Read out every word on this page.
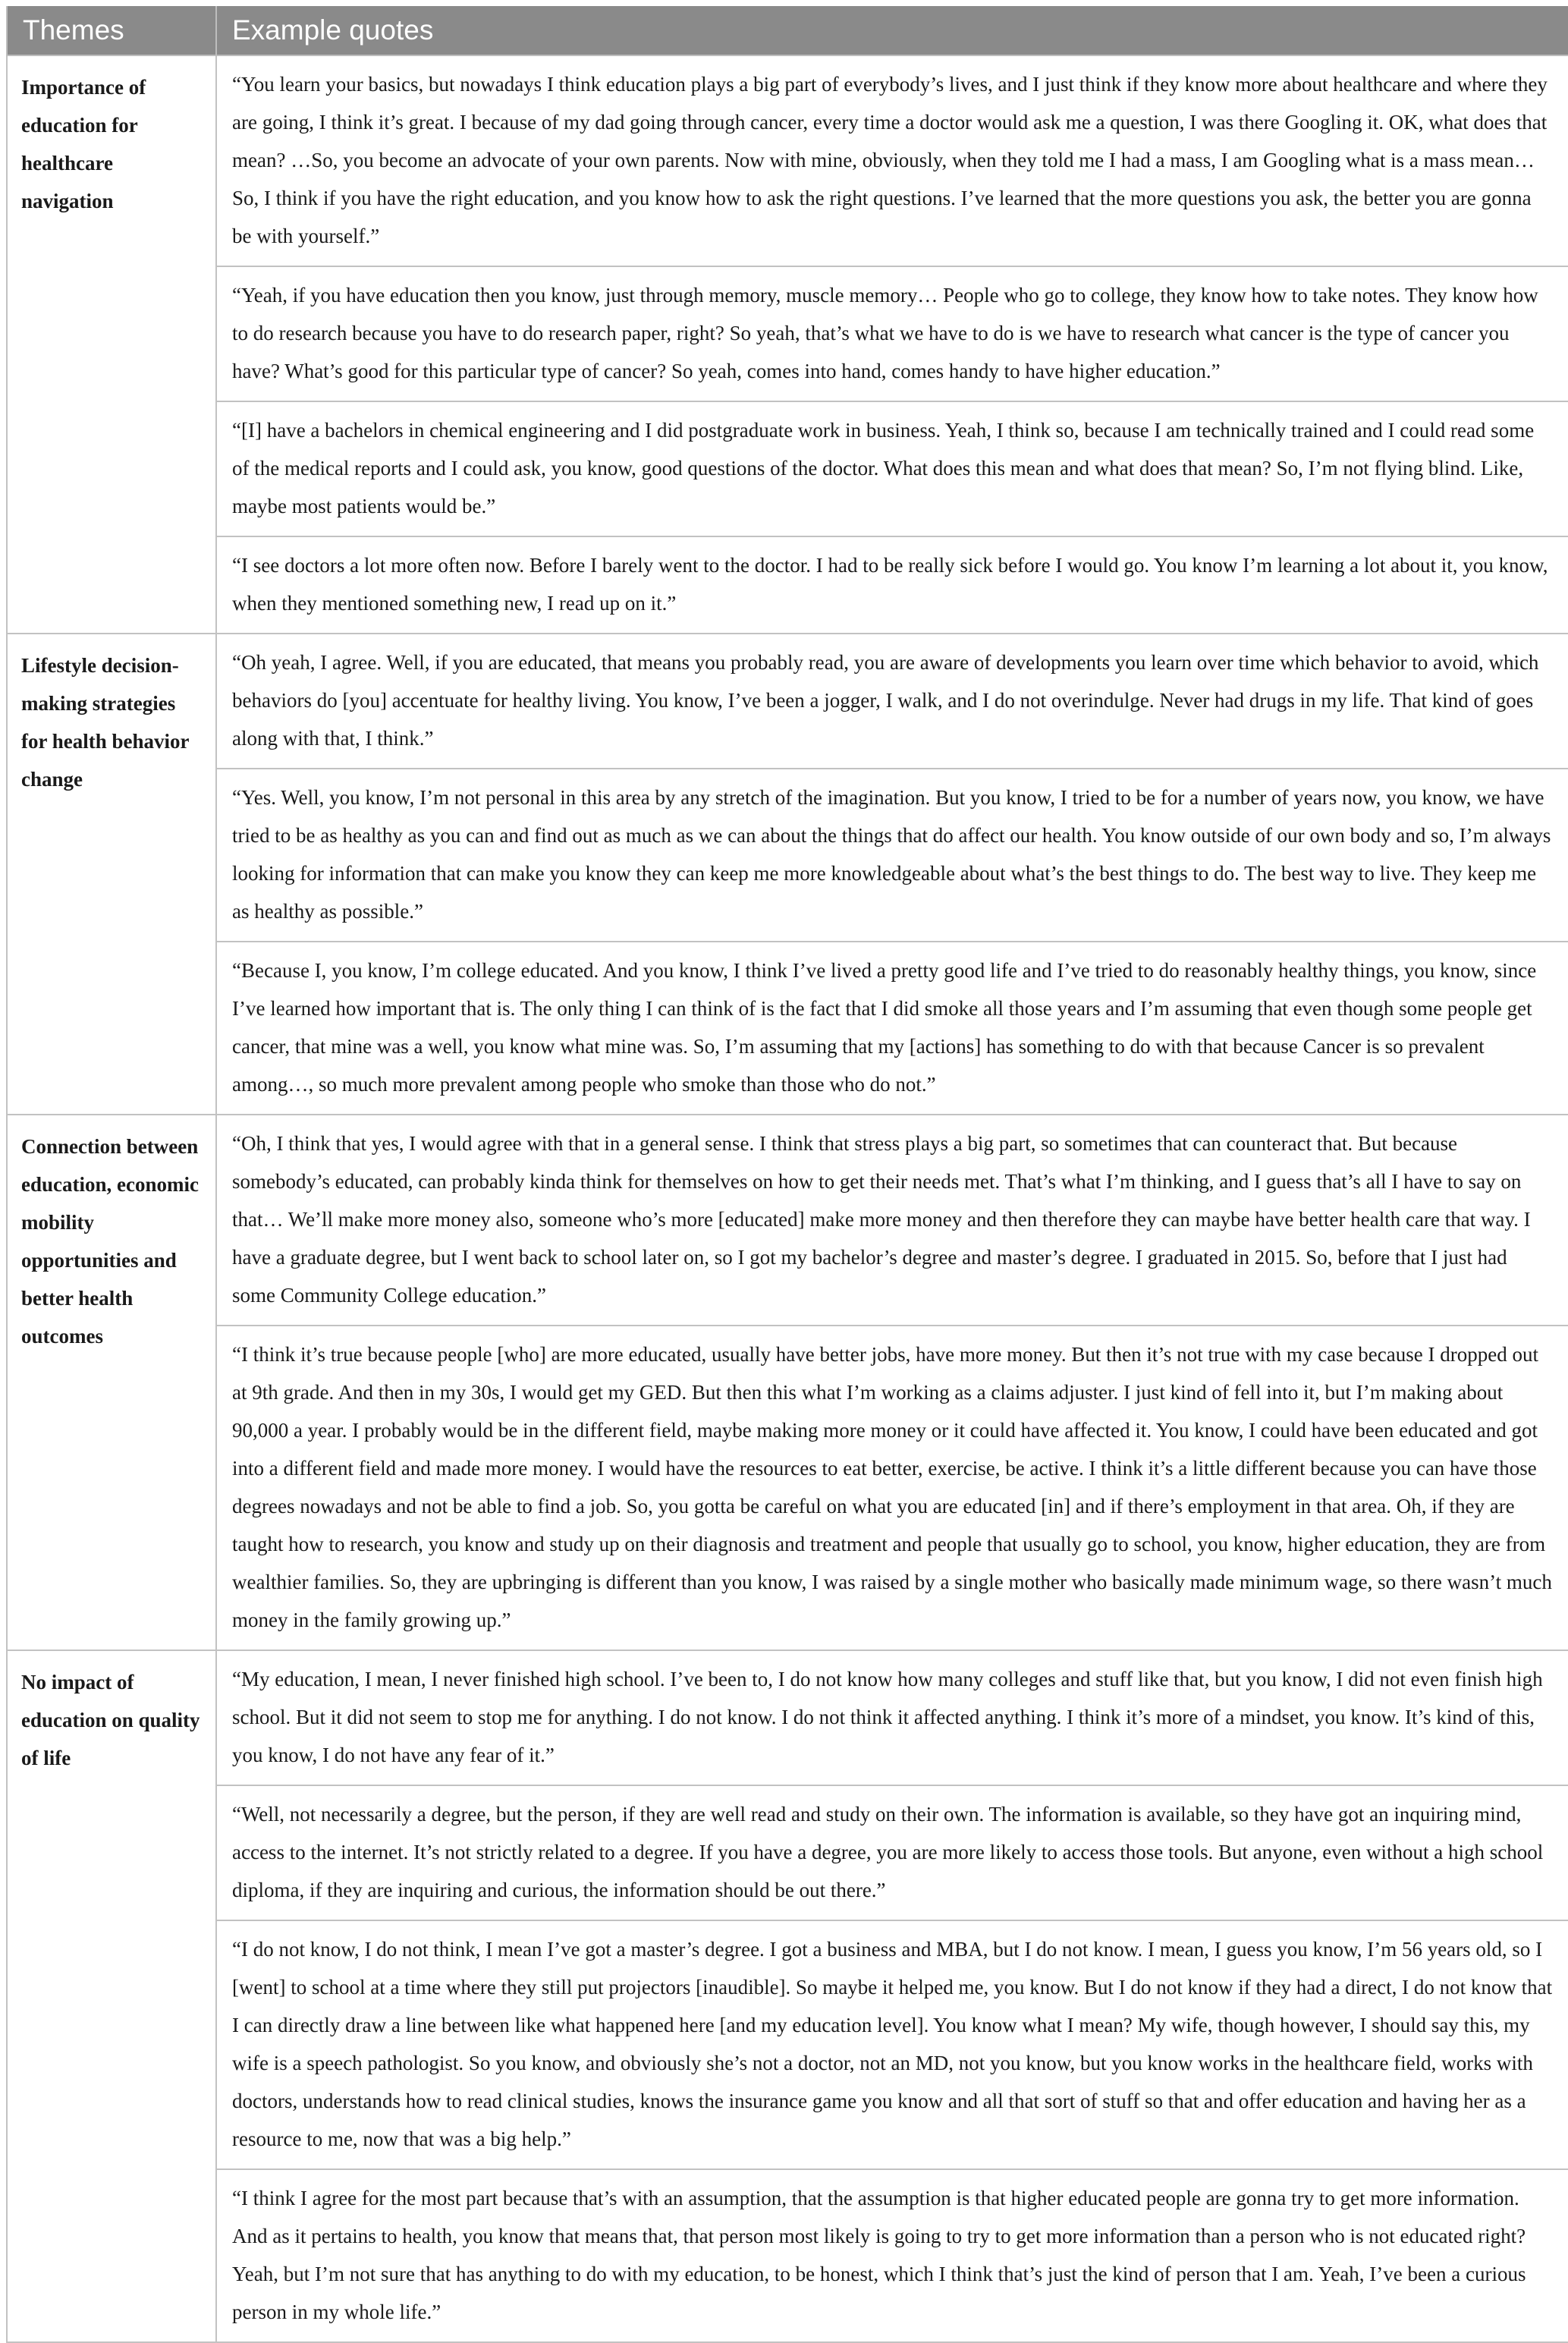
Themes	Example quotes
Importance of education for healthcare navigation	“You learn your basics, but nowadays I think education plays a big part of everybody’s lives, and I just think if they know more about healthcare and where they are going, I think it’s great. I because of my dad going through cancer, every time a doctor would ask me a question, I was there Googling it. OK, what does that mean? …So, you become an advocate of your own parents. Now with mine, obviously, when they told me I had a mass, I am Googling what is a mass mean…So, I think if you have the right education, and you know how to ask the right questions. I’ve learned that the more questions you ask, the better you are gonna be with yourself.”
	“Yeah, if you have education then you know, just through memory, muscle memory… People who go to college, they know how to take notes. They know how to do research because you have to do research paper, right? So yeah, that’s what we have to do is we have to research what cancer is the type of cancer you have? What’s good for this particular type of cancer? So yeah, comes into hand, comes handy to have higher education.”
	“[I] have a bachelors in chemical engineering and I did postgraduate work in business. Yeah, I think so, because I am technically trained and I could read some of the medical reports and I could ask, you know, good questions of the doctor. What does this mean and what does that mean? So, I’m not flying blind. Like, maybe most patients would be.”
	“I see doctors a lot more often now. Before I barely went to the doctor. I had to be really sick before I would go. You know I’m learning a lot about it, you know, when they mentioned something new, I read up on it.”
Lifestyle decision-making strategies for health behavior change	“Oh yeah, I agree. Well, if you are educated, that means you probably read, you are aware of developments you learn over time which behavior to avoid, which behaviors do [you] accentuate for healthy living. You know, I’ve been a jogger, I walk, and I do not overindulge. Never had drugs in my life. That kind of goes along with that, I think.”
	“Yes. Well, you know, I’m not personal in this area by any stretch of the imagination. But you know, I tried to be for a number of years now, you know, we have tried to be as healthy as you can and find out as much as we can about the things that do affect our health. You know outside of our own body and so, I’m always looking for information that can make you know they can keep me more knowledgeable about what’s the best things to do. The best way to live. They keep me as healthy as possible.”
	“Because I, you know, I’m college educated. And you know, I think I’ve lived a pretty good life and I’ve tried to do reasonably healthy things, you know, since I’ve learned how important that is. The only thing I can think of is the fact that I did smoke all those years and I’m assuming that even though some people get cancer, that mine was a well, you know what mine was. So, I’m assuming that my [actions] has something to do with that because Cancer is so prevalent among…, so much more prevalent among people who smoke than those who do not.”
Connection between education, economic mobility opportunities and better health outcomes	“Oh, I think that yes, I would agree with that in a general sense. I think that stress plays a big part, so sometimes that can counteract that. But because somebody’s educated, can probably kinda think for themselves on how to get their needs met. That’s what I’m thinking, and I guess that’s all I have to say on that… We’ll make more money also, someone who’s more [educated] make more money and then therefore they can maybe have better health care that way. I have a graduate degree, but I went back to school later on, so I got my bachelor’s degree and master’s degree. I graduated in 2015. So, before that I just had some Community College education.”
	“I think it’s true because people [who] are more educated, usually have better jobs, have more money. But then it’s not true with my case because I dropped out at 9th grade. And then in my 30s, I would get my GED. But then this what I’m working as a claims adjuster. I just kind of fell into it, but I’m making about 90,000 a year. I probably would be in the different field, maybe making more money or it could have affected it. You know, I could have been educated and got into a different field and made more money. I would have the resources to eat better, exercise, be active. I think it’s a little different because you can have those degrees nowadays and not be able to find a job. So, you gotta be careful on what you are educated [in] and if there’s employment in that area. Oh, if they are taught how to research, you know and study up on their diagnosis and treatment and people that usually go to school, you know, higher education, they are from wealthier families. So, they are upbringing is different than you know, I was raised by a single mother who basically made minimum wage, so there wasn’t much money in the family growing up.”
No impact of education on quality of life	“My education, I mean, I never finished high school. I’ve been to, I do not know how many colleges and stuff like that, but you know, I did not even finish high school. But it did not seem to stop me for anything. I do not know. I do not think it affected anything. I think it’s more of a mindset, you know. It’s kind of this, you know, I do not have any fear of it.”
	“Well, not necessarily a degree, but the person, if they are well read and study on their own. The information is available, so they have got an inquiring mind, access to the internet. It’s not strictly related to a degree. If you have a degree, you are more likely to access those tools. But anyone, even without a high school diploma, if they are inquiring and curious, the information should be out there.”
	“I do not know, I do not think, I mean I’ve got a master’s degree. I got a business and MBA, but I do not know. I mean, I guess you know, I’m 56 years old, so I [went] to school at a time where they still put projectors [inaudible]. So maybe it helped me, you know. But I do not know if they had a direct, I do not know that I can directly draw a line between like what happened here [and my education level]. You know what I mean? My wife, though however, I should say this, my wife is a speech pathologist. So you know, and obviously she’s not a doctor, not an MD, not you know, but you know works in the healthcare field, works with doctors, understands how to read clinical studies, knows the insurance game you know and all that sort of stuff so that and offer education and having her as a resource to me, now that was a big help.”
	“I think I agree for the most part because that’s with an assumption, that the assumption is that higher educated people are gonna try to get more information. And as it pertains to health, you know that means that, that person most likely is going to try to get more information than a person who is not educated right? Yeah, but I’m not sure that has anything to do with my education, to be honest, which I think that’s just the kind of person that I am. Yeah, I’ve been a curious person in my whole life.”
